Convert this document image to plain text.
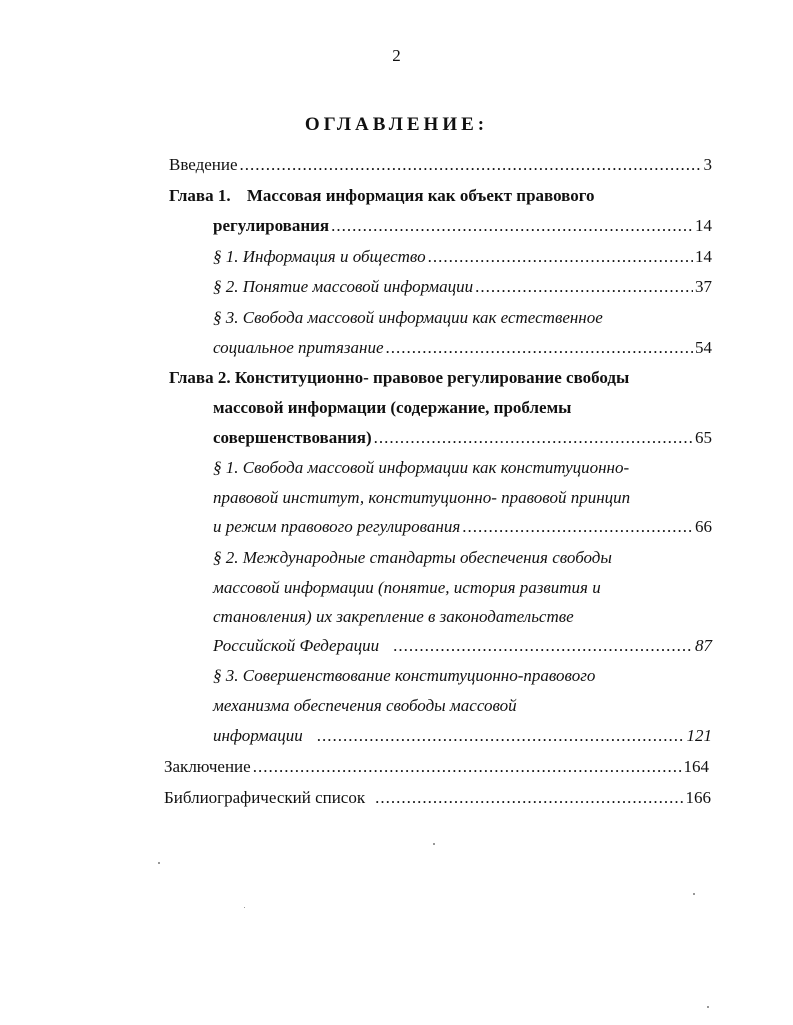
2
ОГЛАВЛЕНИЕ:
Введение .....	3
Глава 1. Массовая информация как объект правового
регулирования .....	14
§ 1. Информация и общество .....	14
§ 2. Понятие массовой информации .....	37
§ 3. Свобода массовой информации как естественное
социальное притязание .....	54
Глава 2. Конституционно- правовое регулирование свободы
массовой информации (содержание, проблемы
совершенствования) .....	65
§ 1. Свобода массовой информации как конституционно-
правовой институт, конституционно- правовой принцип
и режим правового регулирования .....	66
§ 2. Международные стандарты обеспечения свободы
массовой информации (понятие, история развития и
становления) их закрепление в законодательстве
Российской Федерации .....	87
§ 3. Совершенствование конституционно-правового
механизма обеспечения свободы массовой
информации .....	121
Заключение .....	164
Библиографический список .....	166
